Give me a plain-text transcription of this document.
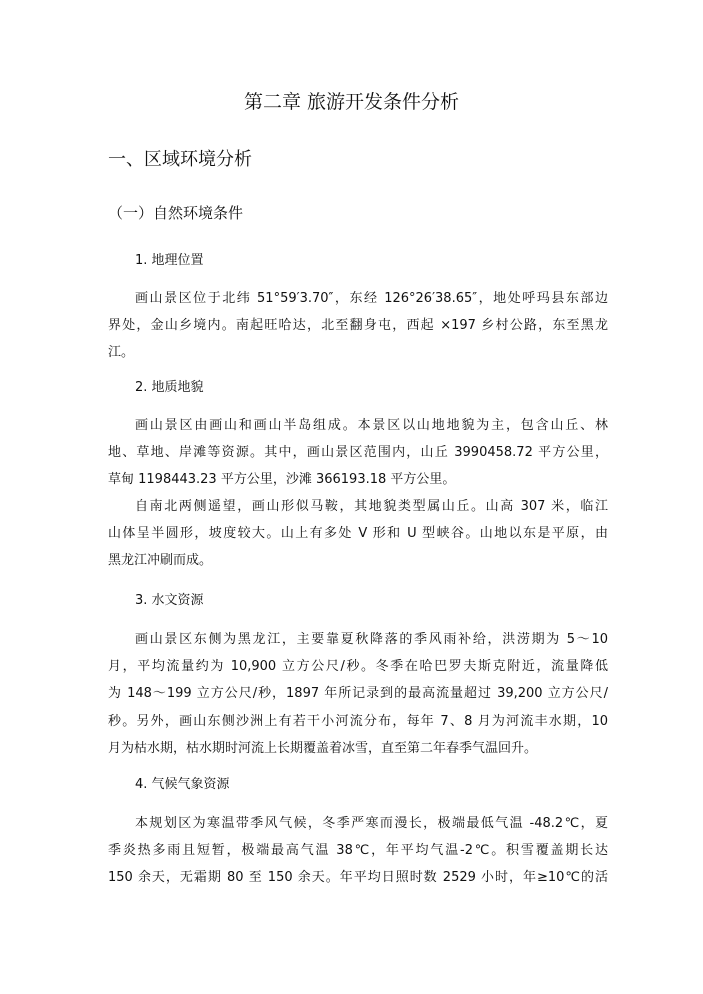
第二章 旅游开发条件分析
一、区域环境分析
（一）自然环境条件
1. 地理位置

画山景区位于北纬 51°59′3.70″，东经 126°26′38.65″，地处呼玛县东部边
界处，金山乡境内。南起旺哈达，北至翻身屯，西起 ×197 乡村公路，东至黑龙
江。

2. 地质地貌

画山景区由画山和画山半岛组成。本景区以山地地貌为主，包含山丘、林
地、草地、岸滩等资源。其中，画山景区范围内，山丘 3990458.72 平方公里，
草甸 1198443.23 平方公里，沙滩 366193.18 平方公里。

自南北两侧遥望，画山形似马鞍，其地貌类型属山丘。山高 307 米，临江
山体呈半圆形，坡度较大。山上有多处 V 形和 U 型峡谷。山地以东是平原，由
黑龙江冲刷而成。

3. 水文资源

画山景区东侧为黑龙江，主要靠夏秋降落的季风雨补给，洪涝期为 5～10
月，平均流量约为 10,900 立方公尺/秒。冬季在哈巴罗夫斯克附近，流量降低
为 148～199 立方公尺/秒，1897 年所记录到的最高流量超过 39,200 立方公尺/
秒。另外，画山东侧沙洲上有若干小河流分布，每年 7、8 月为河流丰水期，10
月为枯水期，枯水期时河流上长期覆盖着冰雪，直至第二年春季气温回升。

4. 气候气象资源

本规划区为寒温带季风气候，冬季严寒而漫长，极端最低气温 -48.2℃，夏
季炎热多雨且短暂，极端最高气温 38℃，年平均气温-2℃。积雪覆盖期长达
150 余天，无霜期 80 至 150 余天。年平均日照时数 2529 小时，年≥10℃的活
